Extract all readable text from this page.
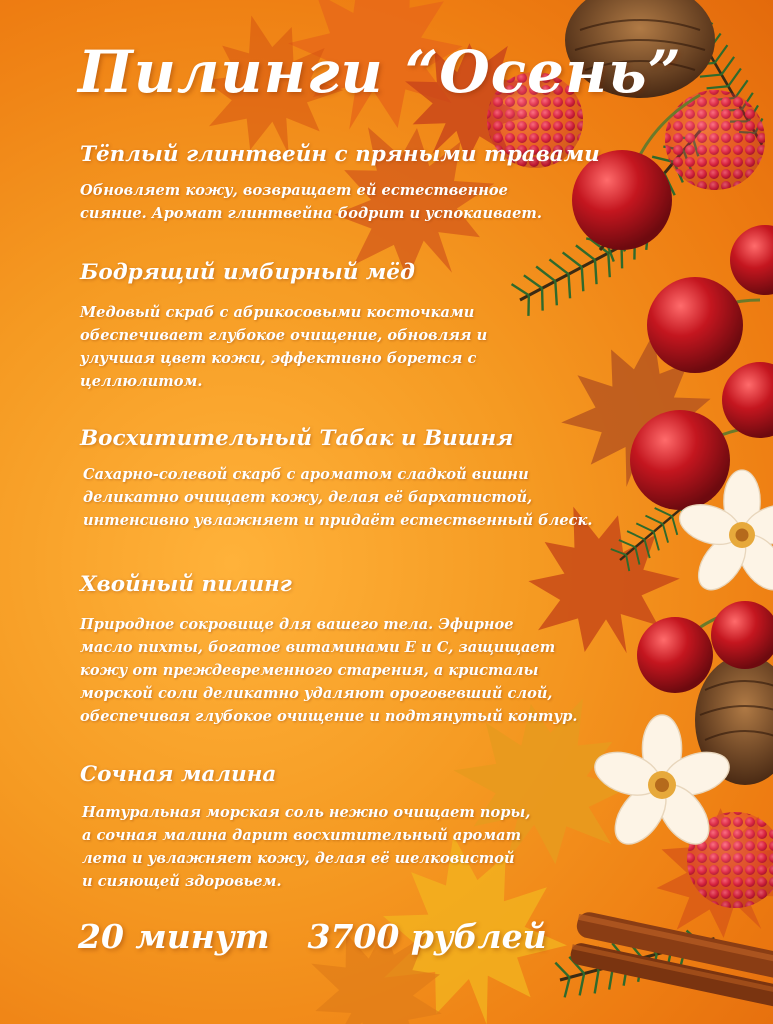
Пилинги “Осень”
Тёплый глинтвейн с пряными травами

Обновляет кожу, возвращает ей естественное
сияние. Аромат глинтвейна бодрит и успокаивает.

Бодрящий имбирный мёд

Медовый скраб с абрикосовыми косточками
обеспечивает глубокое очищение, обновляя и
улучшая цвет кожи, эффективно борется с
целлюлитом.

Восхитительный Табак и Вишня

Сахарно-солевой скарб с ароматом сладкой вишни
деликатно очищает кожу, делая её бархатистой,
интенсивно увлажняет и придаёт естественный блеск.

Хвойный пилинг

Природное сокровище для вашего тела. Эфирное
масло пихты, богатое витаминами Е и С, защищает
кожу от преждевременного старения, а кристалы
морской соли деликатно удаляют ороговевший слой,
обеспечивая глубокое очищение и подтянутый контур.

Сочная малина

Натуральная морская соль нежно очищает поры,
а сочная малина дарит восхитительный аромат
лета и увлажняет кожу, делая её шелковистой
и сияющей здоровьем.

20 минут 3700 рублей
